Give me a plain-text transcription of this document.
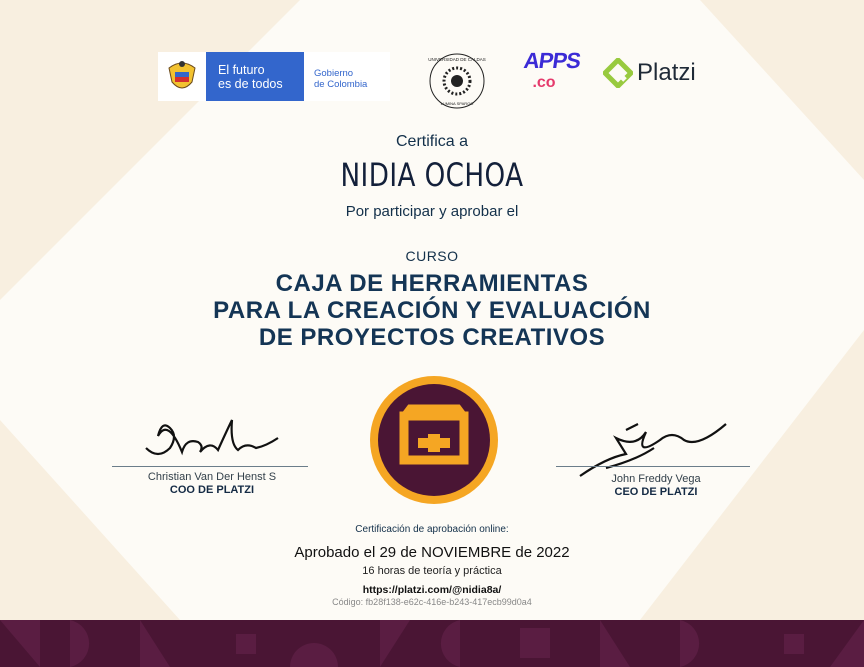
El futuro
es de todos
Gobierno
de Colombia
UNIVERSIDAD DE CALDAS
LUMINA SPARGO
APPS
.co	Platzi
Certifica a
NIDIA OCHOA
Por participar y aprobar el
CURSO
CAJA DE HERRAMIENTAS
PARA LA CREACIÓN Y EVALUACIÓN
DE PROYECTOS CREATIVOS
Christian Van Der Henst S
COO DE PLATZI
John Freddy Vega
CEO DE PLATZI
Certificación de aprobación online:
Aprobado el 29 de NOVIEMBRE de 2022
16 horas de teoría y práctica
https://platzi.com/@nidia8a/
Código: fb28f138-e62c-416e-b243-417ecb99d0a4
